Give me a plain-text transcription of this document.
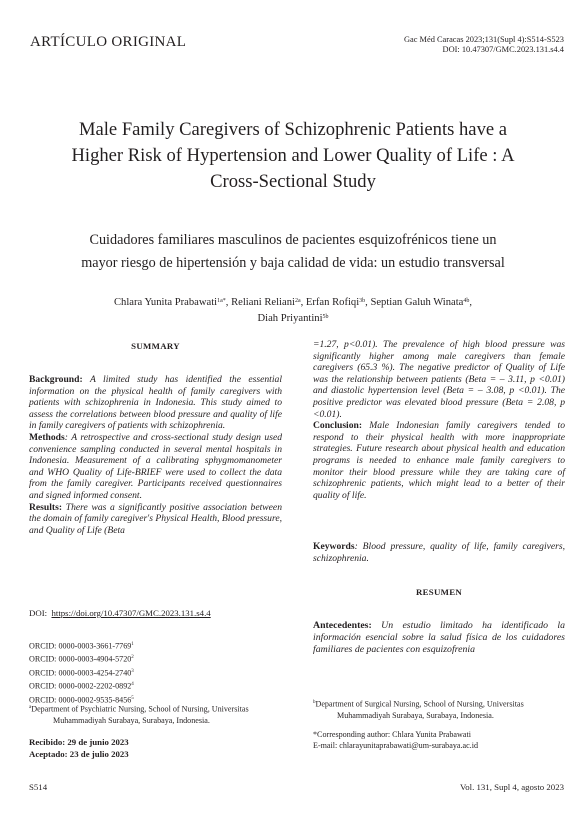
ARTÍCULO ORIGINAL	Gac Méd Caracas 2023;131(Supl 4):S514-S523
DOI: 10.47307/GMC.2023.131.s4.4
Male Family Caregivers of Schizophrenic Patients have a
Higher Risk of Hypertension and Lower Quality of Life : A
Cross-Sectional Study
Cuidadores familiares masculinos de pacientes esquizofrénicos tiene un
mayor riesgo de hipertensión y baja calidad de vida: un estudio transversal
Chlara Yunita Prabawati$^{1a*}$, Reliani Reliani$^{2a}$, Erfan Rofiqi$^{3b}$, Septian Galuh Winata$^{4b}$,
Diah Priyantini$^{5b}$
SUMMARY

Background: A limited study has identified the essential information on the physical health of family caregivers with patients with schizophrenia in Indonesia. This study aimed to assess the correlations between blood pressure and quality of life in family caregivers of patients with schizophrenia.

Methods: A retrospective and cross-sectional study design used convenience sampling conducted in several mental hospitals in Indonesia. Measurement of a calibrating sphygmomanometer and WHO Quality of Life-BRIEF were used to collect the data from the family caregiver. Participants received questionnaires and signed informed consent.

Results: There was a significantly positive association between the domain of family caregiver's Physical Health, Blood pressure, and Quality of Life (Beta

DOI: https://doi.org/10.47307/GMC.2023.131.s4.4
ORCID: 0000-0003-3661-7769$^1$
ORCID: 0000-0003-4904-5720$^2$
ORCID: 0000-0003-4254-2740$^3$
ORCID: 0000-0002-2202-0892$^4$
ORCID: 0000-0002-9535-8456$^5$
$^a$Department of Psychiatric Nursing, School of Nursing, Universitas
Muhammadiyah Surabaya, Surabaya, Indonesia.
Recibido: 29 de junio 2023
Aceptado: 23 de julio 2023

=1.27, p<0.01). The prevalence of high blood pressure was significantly higher among male caregivers than female caregivers (65.3 %). The negative predictor of Quality of Life was the relationship between patients (Beta = – 3.11, p <0.01) and diastolic hypertension level (Beta = – 3.08, p <0.01). The positive predictor was elevated blood pressure (Beta = 2.08, p <0.01).

Conclusion: Male Indonesian family caregivers tended to respond to their physical health with more inappropriate strategies. Future research about physical health and education programs is needed to enhance male family caregivers to monitor their blood pressure while they are taking care of schizophrenic patients, which might lead to a better of their quality of life.

Keywords: Blood pressure, quality of life, family caregivers, schizophrenia.

RESUMEN

Antecedentes: Un estudio limitado ha identificado la información esencial sobre la salud física de los cuidadores familiares de pacientes con esquizofrenia

$^b$Department of Surgical Nursing, School of Nursing, Universitas
Muhammadiyah Surabaya, Surabaya, Indonesia.
*Corresponding author: Chlara Yunita Prabawati
E-mail: chlarayunitaprabawati@um-surabaya.ac.id
S514	Vol. 131, Supl 4, agosto 2023
